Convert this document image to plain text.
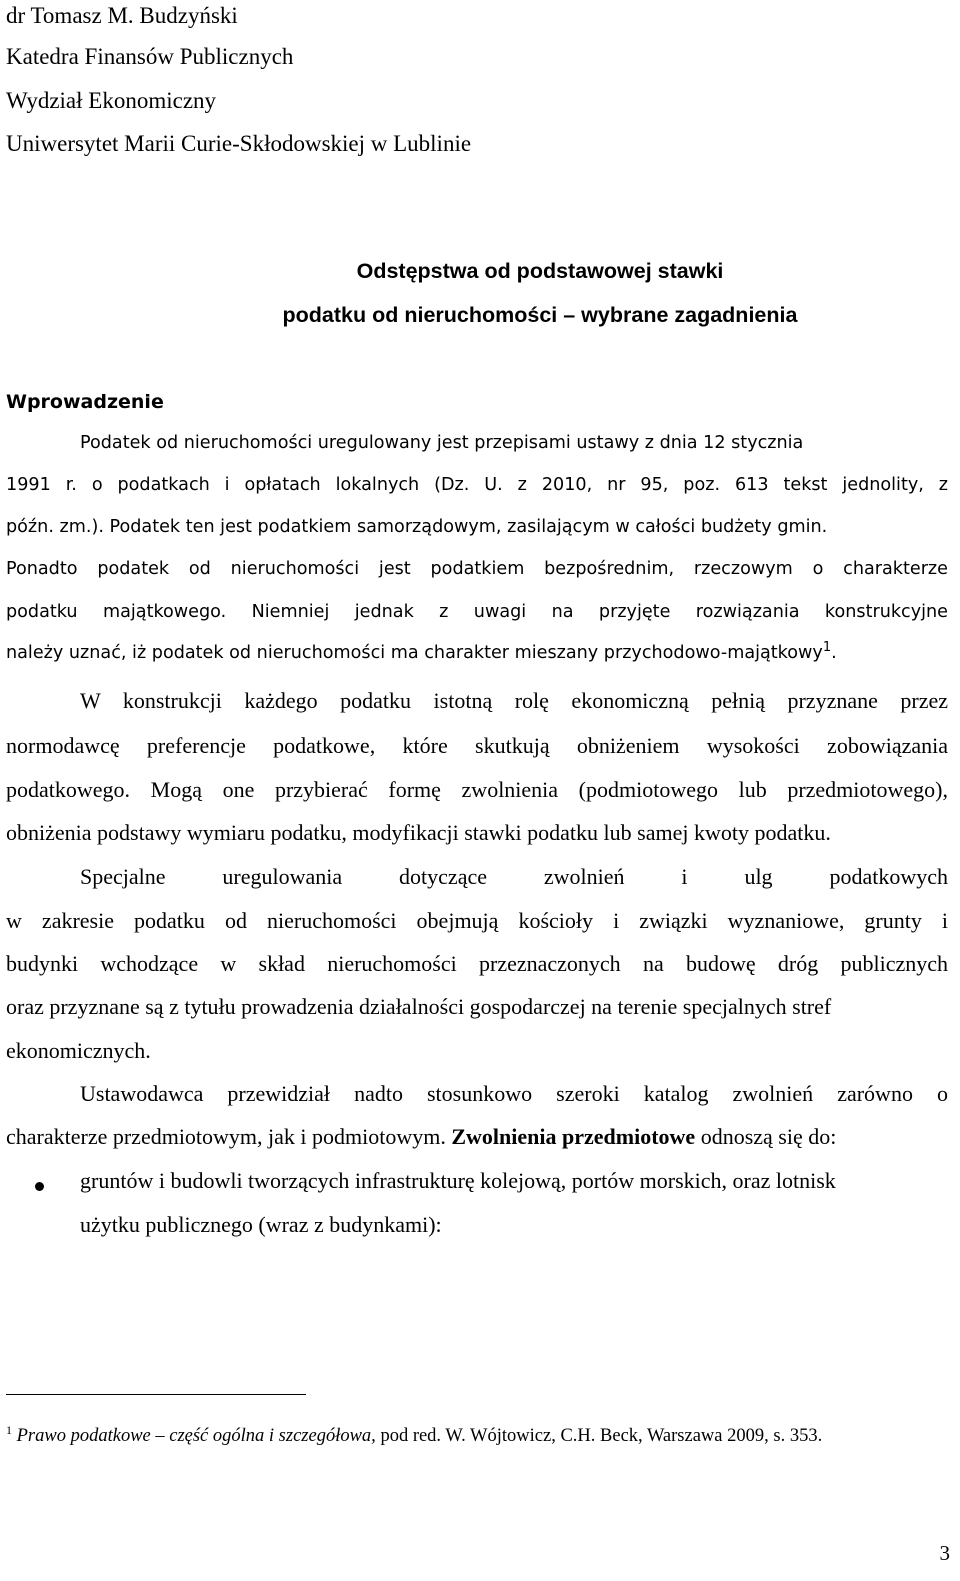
dr Tomasz M. Budzyński
Katedra Finansów Publicznych
Wydział Ekonomiczny
Uniwersytet Marii Curie-Skłodowskiej w Lublinie
Odstępstwa od podstawowej stawki
podatku od nieruchomości – wybrane zagadnienia
Wprowadzenie
Podatek od nieruchomości uregulowany jest przepisami ustawy z dnia 12 stycznia
1991 r. o podatkach i opłatach lokalnych (Dz. U. z 2010, nr 95, poz. 613 tekst jednolity, z
późn. zm.). Podatek ten jest podatkiem samorządowym, zasilającym w całości budżety gmin.
Ponadto podatek od nieruchomości jest podatkiem bezpośrednim, rzeczowym o charakterze
podatku majątkowego. Niemniej jednak z uwagi na przyjęte rozwiązania konstrukcyjne
należy uznać, iż podatek od nieruchomości ma charakter mieszany przychodowo-majątkowy$^1$.
W konstrukcji każdego podatku istotną rolę ekonomiczną pełnią przyznane przez
normodawcę preferencje podatkowe, które skutkują obniżeniem wysokości zobowiązania
podatkowego. Mogą one przybierać formę zwolnienia (podmiotowego lub przedmiotowego),
obniżenia podstawy wymiaru podatku, modyfikacji stawki podatku lub samej kwoty podatku.
Specjalne uregulowania dotyczące zwolnień i ulg podatkowych
w zakresie podatku od nieruchomości obejmują kościoły i związki wyznaniowe, grunty i
budynki wchodzące w skład nieruchomości przeznaczonych na budowę dróg publicznych
oraz przyznane są z tytułu prowadzenia działalności gospodarczej na terenie specjalnych stref
ekonomicznych.
Ustawodawca przewidział nadto stosunkowo szeroki katalog zwolnień zarówno o
charakterze przedmiotowym, jak i podmiotowym. Zwolnienia przedmiotowe odnoszą się do:
gruntów i budowli tworzących infrastrukturę kolejową, portów morskich, oraz lotnisk
użytku publicznego (wraz z budynkami):
$^1$ Prawo podatkowe – część ogólna i szczegółowa, pod red. W. Wójtowicz, C.H. Beck, Warszawa 2009, s. 353.
3
